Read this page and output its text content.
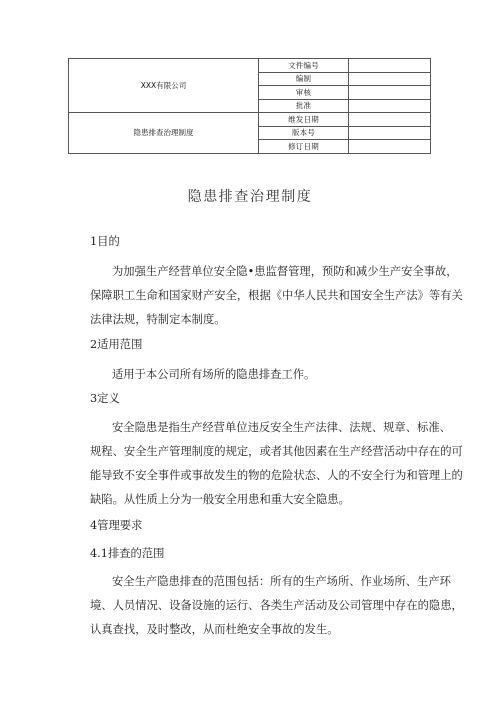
XXX有限公司	文件编号	
	编制	
	审核	
	批准	
隐患排查治理制度	维发日期	
	版本号	
	修订日期	
隐患排查治理制度
1目的
为加强生产经营单位安全隐•患监督管理，预防和减少生产安全事故，
保障职工生命和国家财产安全，根据《中华人民共和国安全生产法》等有关
法律法规，特制定本制度。
2适用范围
适用于本公司所有场所的隐患排查工作。
3定义
安全隐患是指生产经营单位违反安全生产法律、法规、规章、标准、
规程、安全生产管理制度的规定，或者其他因素在生产经营活动中存在的可
能导致不安全事件或事故发生的物的危险状态、人的不安全行为和管理上的
缺陷。从性质上分为一般安全用患和重大安全隐患。
4管理要求
4.1排查的范围
安全生产隐患排查的范围包括：所有的生产场所、作业场所、生产环
境、人员情况、设备设施的运行、各类生产活动及公司管理中存在的隐患，
认真查找，及时整改，从而杜绝安全事故的发生。
